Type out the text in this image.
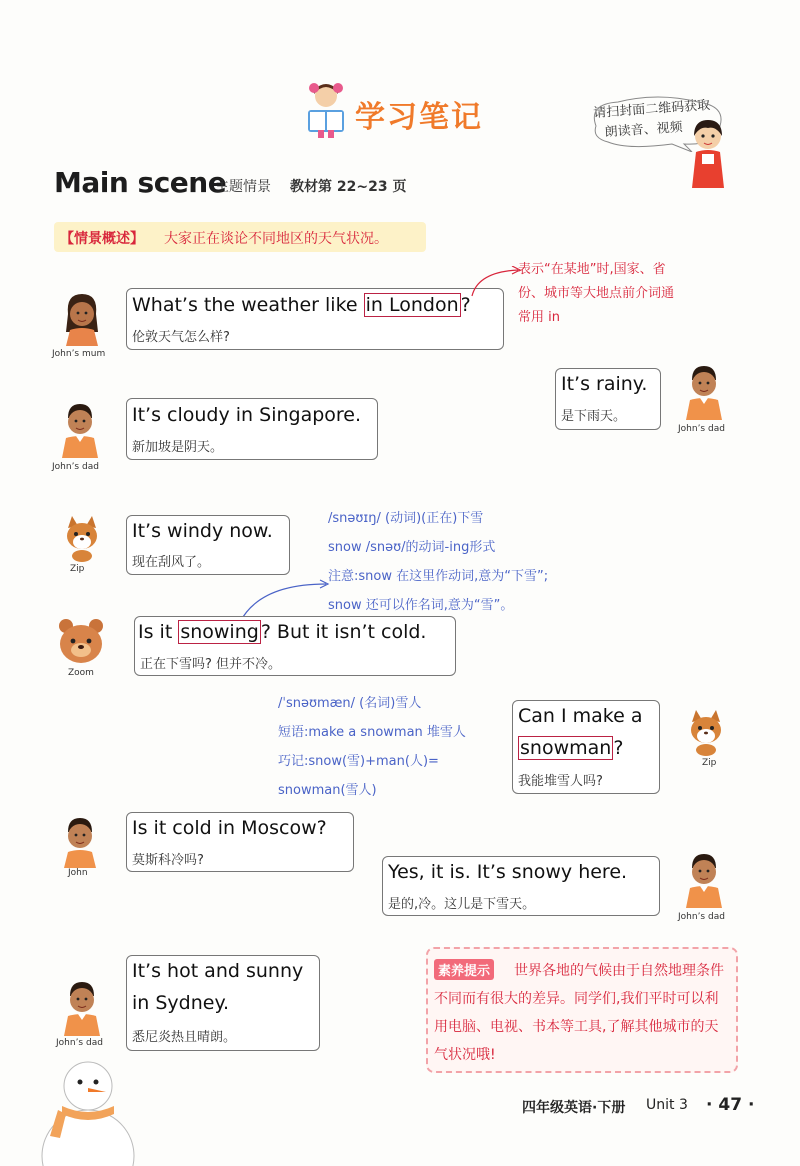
学习笔记	请扫封面二维码获取
朗读音、视频
Main scene
主题情景 教材第 22~23 页
【情景概述】 大家正在谈论不同地区的天气状况。
John’s mum
What’s the weather like in London ?
伦敦天气怎么样?
表示“在某地”时,国家、省
份、城市等大地点前介词通
常用 in
It’s rainy.
是下雨天。
John’s dad
John’s dad
It’s cloudy in Singapore.
新加坡是阴天。
Zip
It’s windy now.
现在刮风了。
/snəʊɪŋ/ (动词)(正在)下雪
snow /snəʊ/的动词-ing形式
注意:snow 在这里作动词,意为“下雪”;
snow 还可以作名词,意为“雪”。
Zoom
Is it snowing ? But it isn’t cold.
正在下雪吗? 但并不冷。
/ˈsnəʊmæn/ (名词)雪人
短语:make a snowman 堆雪人
巧记:snow(雪)+man(人)=
snowman(雪人)
Can I make a
snowman ?
我能堆雪人吗?
Zip
John
Is it cold in Moscow?
莫斯科冷吗?
Yes, it is. It’s snowy here.
是的,冷。这儿是下雪天。
John’s dad
John’s dad
It’s hot and sunny
in Sydney.
悉尼炎热且晴朗。
世界各地的气候由于自然地理条件不同而有很大的差异。同学们,我们平时可以利用电脑、电视、书本等工具,了解其他城市的天气状况哦!
素养提示
四年级英语·下册 Unit 3 · 47 ·
